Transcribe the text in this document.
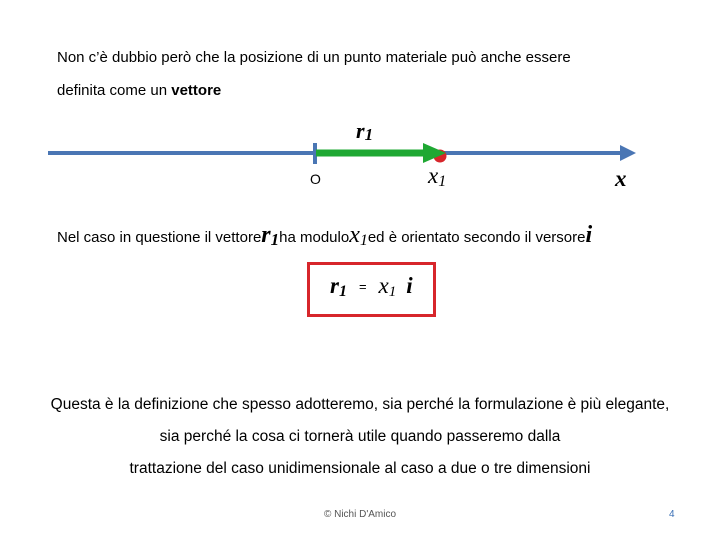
Non c’è dubbio però che la posizione di un punto materiale può anche essere
definita come un vettore
r1
O	x1	x
Nel caso in questione il vettore r 1 ha modulo x 1 ed è orientato secondo il versore i
r1 = x1 i

Questa è la definizione che spesso adotteremo, sia perché la formulazione è più elegante,

sia perché la cosa ci tornerà utile quando passeremo dalla

trattazione del caso unidimensionale al caso a due o tre dimensioni

© Nichi D'Amico	4
